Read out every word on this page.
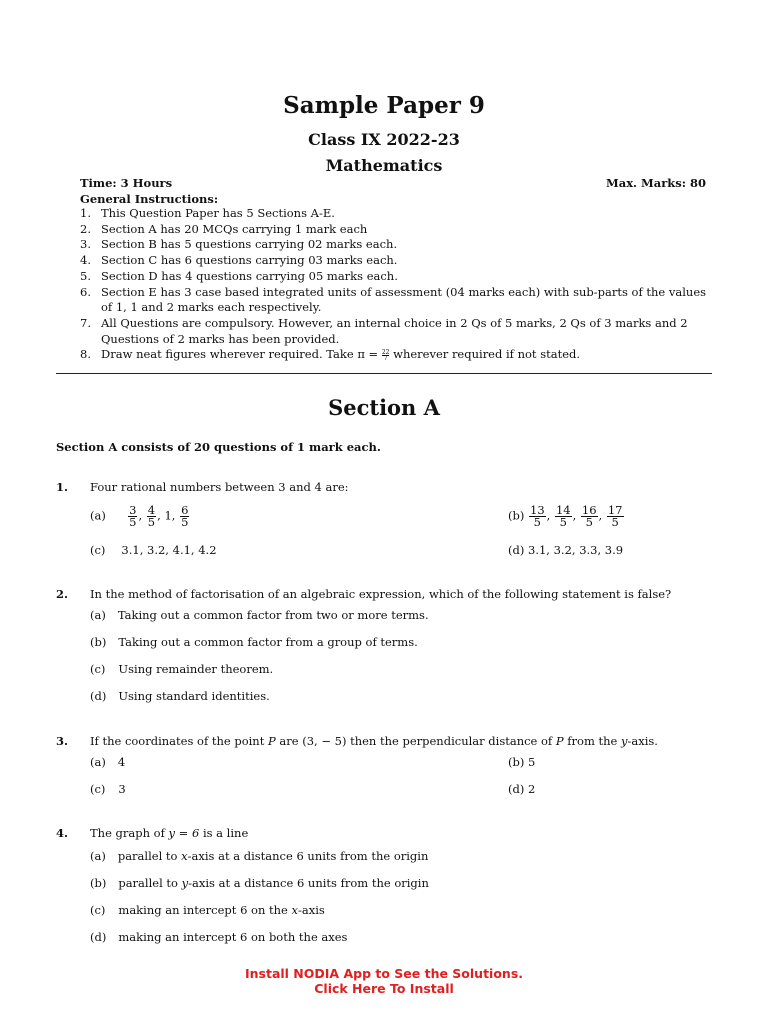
Sample Paper 9
Class IX 2022-23
Mathematics
Time: 3 Hours	Max. Marks: 80
General Instructions:
1. This Question Paper has 5 Sections A-E.
2. Section A has 20 MCQs carrying 1 mark each
3. Section B has 5 questions carrying 02 marks each.
4. Section C has 6 questions carrying 03 marks each.
5. Section D has 4 questions carrying 05 marks each.
6. Section E has 3 case based integrated units of assessment (04 marks each) with sub-parts of the values of 1, 1 and 2 marks each respectively.
7. All Questions are compulsory. However, an internal choice in 2 Qs of 5 marks, 2 Qs of 3 marks and 2 Questions of 2 marks has been provided.
8. Draw neat figures wherever required. Take $\pi = \frac{22}{7}$ wherever required if not stated.
Section A
Section A consists of 20 questions of 1 mark each.
1. Four rational numbers between 3 and 4 are:
$(a) \frac{3}{5}$ , $\frac{4}{5}$ , 1, $\frac{6}{5}$	$(b) \frac{13}{5}$ , $\frac{14}{5}$ , $\frac{16}{5}$ , $\frac{17}{5}$
(c) 3.1, 3.2, 4.1, 4.2	(d) 3.1, 3.2, 3.3, 3.9
2. In the method of factorisation of an algebraic expression, which of the following statement is false?
(a) Taking out a common factor from two or more terms.
(b) Taking out a common factor from a group of terms.
(c) Using remainder theorem.
(d) Using standard identities.
3. If the coordinates of the point P are (3, − 5) then the perpendicular distance of P from the y-axis.
(a) 4	(b) 5
(c) 3	(d) 2
4. The graph of y = 6 is a line
(a) parallel to x-axis at a distance 6 units from the origin
(b) parallel to y-axis at a distance 6 units from the origin
(c) making an intercept 6 on the x-axis
(d) making an intercept 6 on both the axes
Install NODIA App to See the Solutions.
Click Here To Install
